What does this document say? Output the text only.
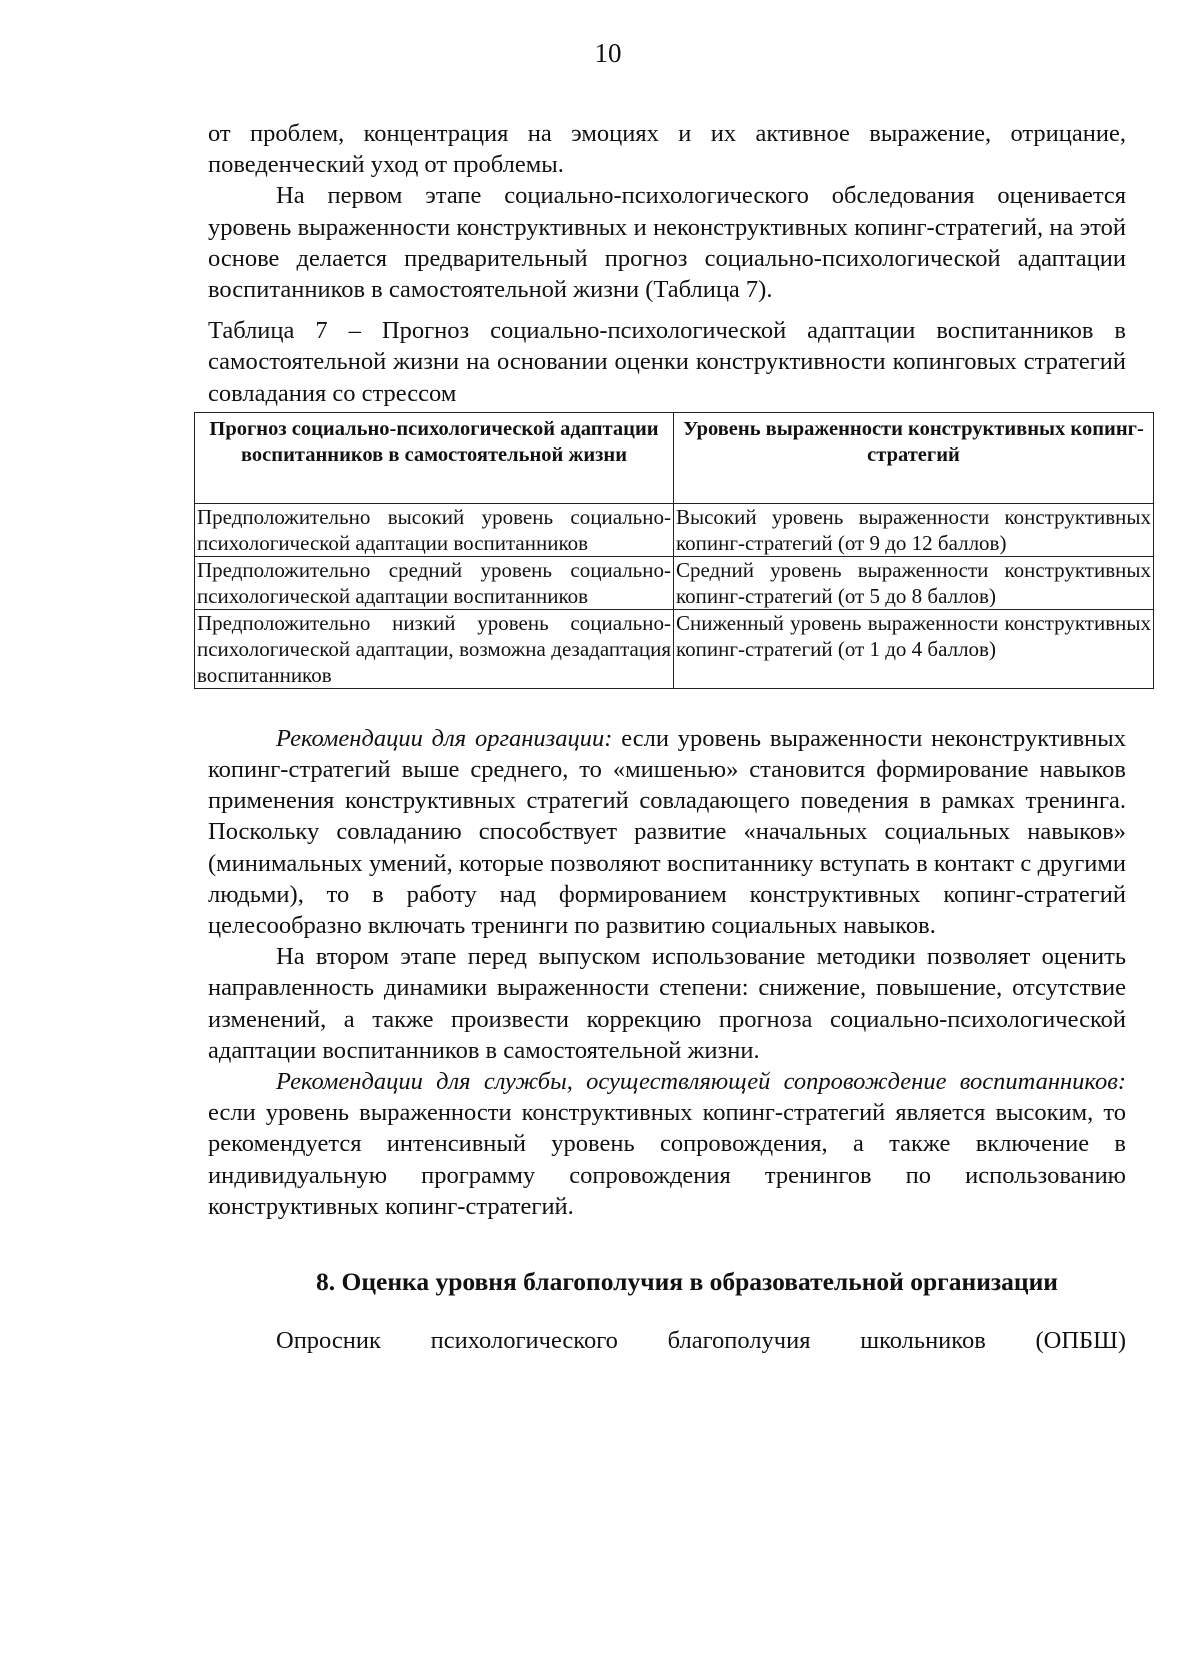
10

от проблем, концентрация на эмоциях и их активное выражение, отрицание, поведенческий уход от проблемы.

На первом этапе социально-психологического обследования оценивается уровень выраженности конструктивных и неконструктивных копинг-стратегий, на этой основе делается предварительный прогноз социально-психологической адаптации воспитанников в самостоятельной жизни (Таблица 7).

Таблица 7 – Прогноз социально-психологической адаптации воспитанников в самостоятельной жизни на основании оценки конструктивности копинговых стратегий совладания со стрессом

Прогноз социально-психологической адаптации воспитанников в самостоятельной жизни	Уровень выраженности конструктивных копинг-стратегий
Предположительно высокий уровень социально-психологической адаптации воспитанников	Высокий уровень выраженности конструктивных копинг-стратегий (от 9 до 12 баллов)
Предположительно средний уровень социально-психологической адаптации воспитанников	Средний уровень выраженности конструктивных копинг-стратегий (от 5 до 8 баллов)
Предположительно низкий уровень социально-психологической адаптации, возможна дезадаптация воспитанников	Сниженный уровень выраженности конструктивных копинг-стратегий (от 1 до 4 баллов)

Рекомендации для организации: если уровень выраженности неконструктивных копинг-стратегий выше среднего, то «мишенью» становится формирование навыков применения конструктивных стратегий совладающего поведения в рамках тренинга. Поскольку совладанию способствует развитие «начальных социальных навыков» (минимальных умений, которые позволяют воспитаннику вступать в контакт с другими людьми), то в работу над формированием конструктивных копинг-стратегий целесообразно включать тренинги по развитию социальных навыков.

На втором этапе перед выпуском использование методики позволяет оценить направленность динамики выраженности степени: снижение, повышение, отсутствие изменений, а также произвести коррекцию прогноза социально-психологической адаптации воспитанников в самостоятельной жизни.

Рекомендации для службы, осуществляющей сопровождение воспитанников: если уровень выраженности конструктивных копинг-стратегий является высоким, то рекомендуется интенсивный уровень сопровождения, а также включение в индивидуальную программу сопровождения тренингов по использованию конструктивных копинг-стратегий.

8. Оценка уровня благополучия в образовательной организации

Опросник психологического благополучия школьников (ОПБШ)
